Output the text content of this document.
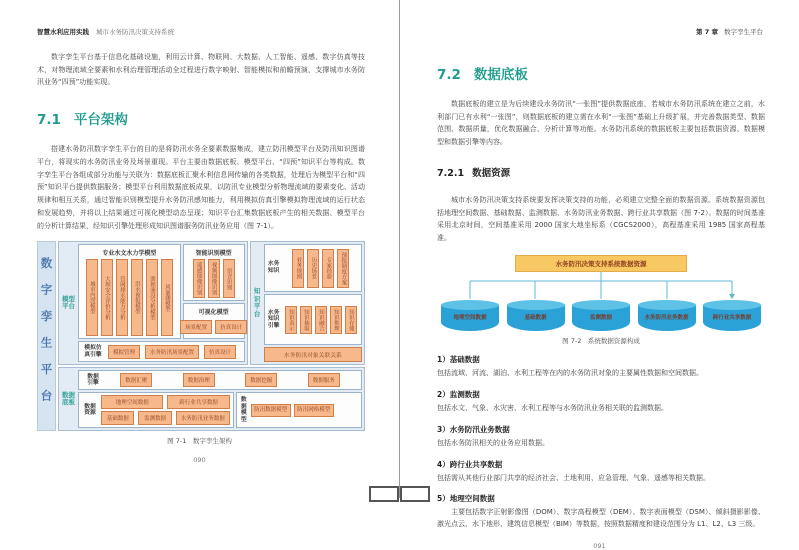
智慧水利应用实践 城市水务防汛决策支持系统

数字孪生平台基于信息化基础设施，利用云计算、物联网、大数据、人工智能、遥感、数字仿真等技术，对物理流域全要素和水利治理管理活动全过程进行数字映射、智能模拟和前瞻预演，支撑城市水务防汛业务“四预”功能实现。

7.1 平台架构

搭建水务防汛数字孪生平台的目的是将防汛水务全要素数据集成，建立防汛模型平台及防汛知识图谱平台，将现实的水务防汛业务及场景重现。平台主要由数据底板、模型平台、“四预”知识平台等构成。数字孪生平台各组成部分功能与关联为：数据底板汇聚水利信息网传输的各类数据，处理后为模型平台和“四预”知识平台提供数据服务；模型平台利用数据底板成果，以防汛专业模型分析物理流域的要素变化、活动规律和相互关系，通过智能识别模型提升水务防汛感知能力，利用模拟仿真引擎模拟物理流域的运行状态和发展趋势，并将以上结果通过可视化模型动态呈现；知识平台汇集数据底板产生的相关数据、模型平台的分析计算结果，经知识引擎处理形成知识图谱服务防汛业务应用（图 7-1）。

数字孪生平台	模型平台
专业水文水力学模型
城市内涝模型	大坝安全评价分析	管网排水能力分析	洪水预报模型	溃坝淹没分析模型	风暴潮模型
智能识别模型
遥感图像识别	视频图像识别	语音识别
可视化模型
场景配置	仿真设计
模拟仿真引擎	模拟管理	水务防汛场景配置	仿真设计
知识平台
水务知识	业务规则	历史场景	专家经验	预报调度方案
水务知识引擎	知识表示	知识抽取	知识融合	知识推理	知识存储
水务防汛对象关联关系
数据底板
数据引擎	数据汇聚	数据治理	数据挖掘	数据服务
数据资源
地理空间数据	跨行业共享数据
基础数据	监测数据	水务防汛业务数据
数据模型
防汛数据模型	防汛网格模型
图 7-1　数字孪生架构
090
第 7 章 数字孪生平台
7.2 数据底板

数据底板的建立是为后续建设水务防汛“一张图”提供数据底座，若城市水务防汛系统在建立之前，水利部门已有水利“一张图”，则数据底板的建立需在水利“一张图”基础上升级扩展，并完善数据类型、数据范围、数据质量，优化数据融合、分析计算等功能。水务防汛系统的数据底板主要包括数据资源、数据模型和数据引擎等内容。

7.2.1 数据资源

城市水务防汛决策支持系统要发挥决策支持的功能，必须建立完整全面的数据资源。系统数据资源包括地理空间数据、基础数据、监测数据、水务防汛业务数据、跨行业共享数据（图 7-2）。数据的时间基准采用北京时间，空间基准采用 2000 国家大地坐标系（CGCS2000），高程基准采用 1985 国家高程基准。

水务防汛决策支持系统数据资源
地理空间数据	基础数据	监测数据	水务防汛业务数据	跨行业共享数据
图 7-2　系统数据资源构成
1）基础数据

包括流域、河流、湖泊、水利工程等在内的水务防汛对象的主要属性数据和空间数据。

2）监测数据

包括水文、气象、水灾害、水利工程等与水务防汛业务相关联的监测数据。

3）水务防汛业务数据

包括水务防汛相关的业务应用数据。

4）跨行业共享数据

包括需从其他行业部门共享的经济社会、土地利用、应急管理、气象、遥感等相关数据。

5）地理空间数据

主要包括数字正射影像图（DOM）、数字高程模型（DEM）、数字表面模型（DSM）、倾斜摄影影像、激光点云、水下地形、建筑信息模型（BIM）等数据，按照数据精度和建设范围分为 L1、L2、L3 三级。

091
